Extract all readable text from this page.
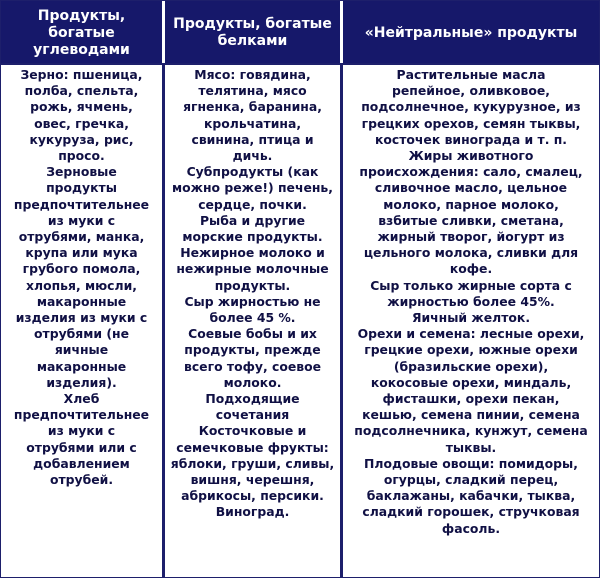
Продукты,
богатые
углеводами
Продукты, богатые
белками
«Нейтральные» продукты
Зерно: пшеница,
полба, спельта,
рожь, ячмень,
овес, гречка,
кукуруза, рис,
просо.
Зерновые
продукты
предпочтительнее
из муки с
отрубями, манка,
крупа или мука
грубого помола,
хлопья, мюсли,
макаронные
изделия из муки с
отрубями (не
яичные
макаронные
изделия).
Хлеб
предпочтительнее
из муки с
отрубями или с
добавлением
отрубей.
Мясо: говядина,
телятина, мясо
ягненка, баранина,
крольчатина,
свинина, птица и
дичь.
Субпродукты (как
можно реже!) печень,
сердце, почки.
Рыба и другие
морские продукты.
Нежирное молоко и
нежирные молочные
продукты.
Сыр жирностью не
более 45 %.
Соевые бобы и их
продукты, прежде
всего тофу, соевое
молоко.
Подходящие
сочетания
Косточковые и
семечковые фрукты:
яблоки, груши, сливы,
вишня, черешня,
абрикосы, персики.
Виноград.
Растительные масла
репейное, оливковое,
подсолнечное, кукурузное, из
грецких орехов, семян тыквы,
косточек винограда и т. п.
Жиры животного
происхождения: сало, смалец,
сливочное масло, цельное
молоко, парное молоко,
взбитые сливки, сметана,
жирный творог, йогурт из
цельного молока, сливки для
кофе.
Сыр только жирные сорта с
жирностью более 45%.
Яичный желток.
Орехи и семена: лесные орехи,
грецкие орехи, южные орехи
(бразильские орехи),
кокосовые орехи, миндаль,
фисташки, орехи пекан,
кешью, семена пинии, семена
подсолнечника, кунжут, семена
тыквы.
Плодовые овощи: помидоры,
огурцы, сладкий перец,
баклажаны, кабачки, тыква,
сладкий горошек, стручковая
фасоль.
